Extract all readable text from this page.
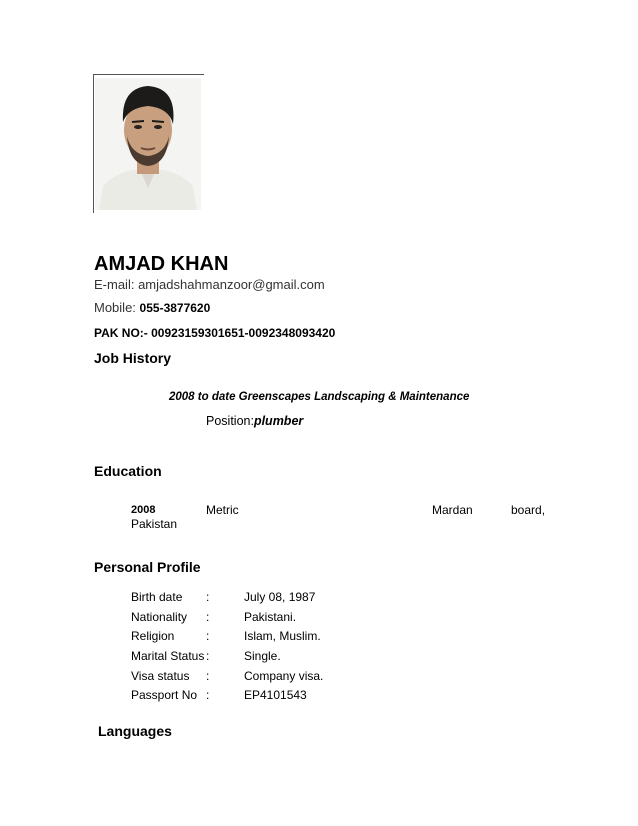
AMJAD KHAN
E-mail: amjadshahmanzoor@gmail.com
Mobile: 055-3877620
PAK NO:- 00923159301651-0092348093420
Job History
2008 to date Greenscapes Landscaping & Maintenance
Position:plumber
Education
2008	Metric	Mardan	board,
Pakistan
Personal Profile
Birth date :	July 08, 1987
Nationality :	Pakistani.
Religion	:	Islam, Muslim.
Marital Status :	Single.
Visa status :	Company visa.
Passport No :	EP4101543
Languages
